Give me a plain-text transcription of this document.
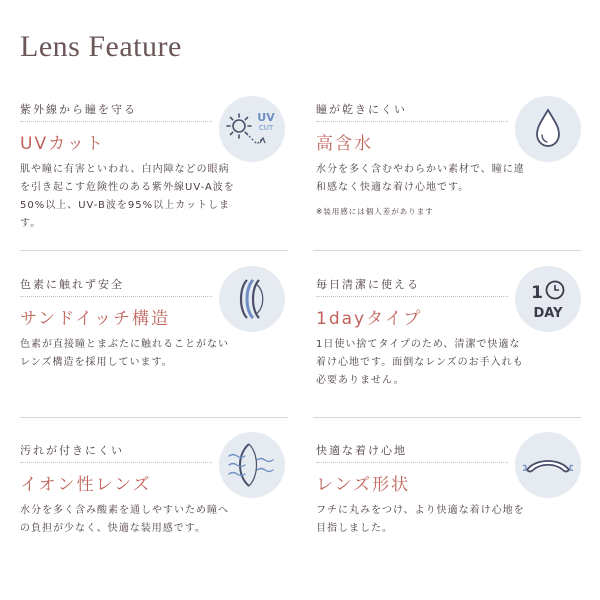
Lens Feature
紫外線から瞳を守る
UVカット
肌や瞳に有害といわれ、白内障などの眼病を引き起こす危険性のある紫外線UV-A波を50%以上、UV-B波を95%以上カットします。
UV
CUT
瞳が乾きにくい
高含水
水分を多く含むやわらかい素材で、瞳に違和感なく快適な着け心地です。
※装用感には個人差があります
色素に触れず安全
サンドイッチ構造
色素が直接瞳とまぶたに触れることがないレンズ構造を採用しています。
毎日清潔に使える
1dayタイプ
1日使い捨てタイプのため、清潔で快適な着け心地です。面倒なレンズのお手入れも必要ありません。
1
DAY
汚れが付きにくい
イオン性レンズ
水分を多く含み酸素を通しやすいため瞳への負担が少なく、快適な装用感です。
快適な着け心地
レンズ形状
フチに丸みをつけ、より快適な着け心地を目指しました。
